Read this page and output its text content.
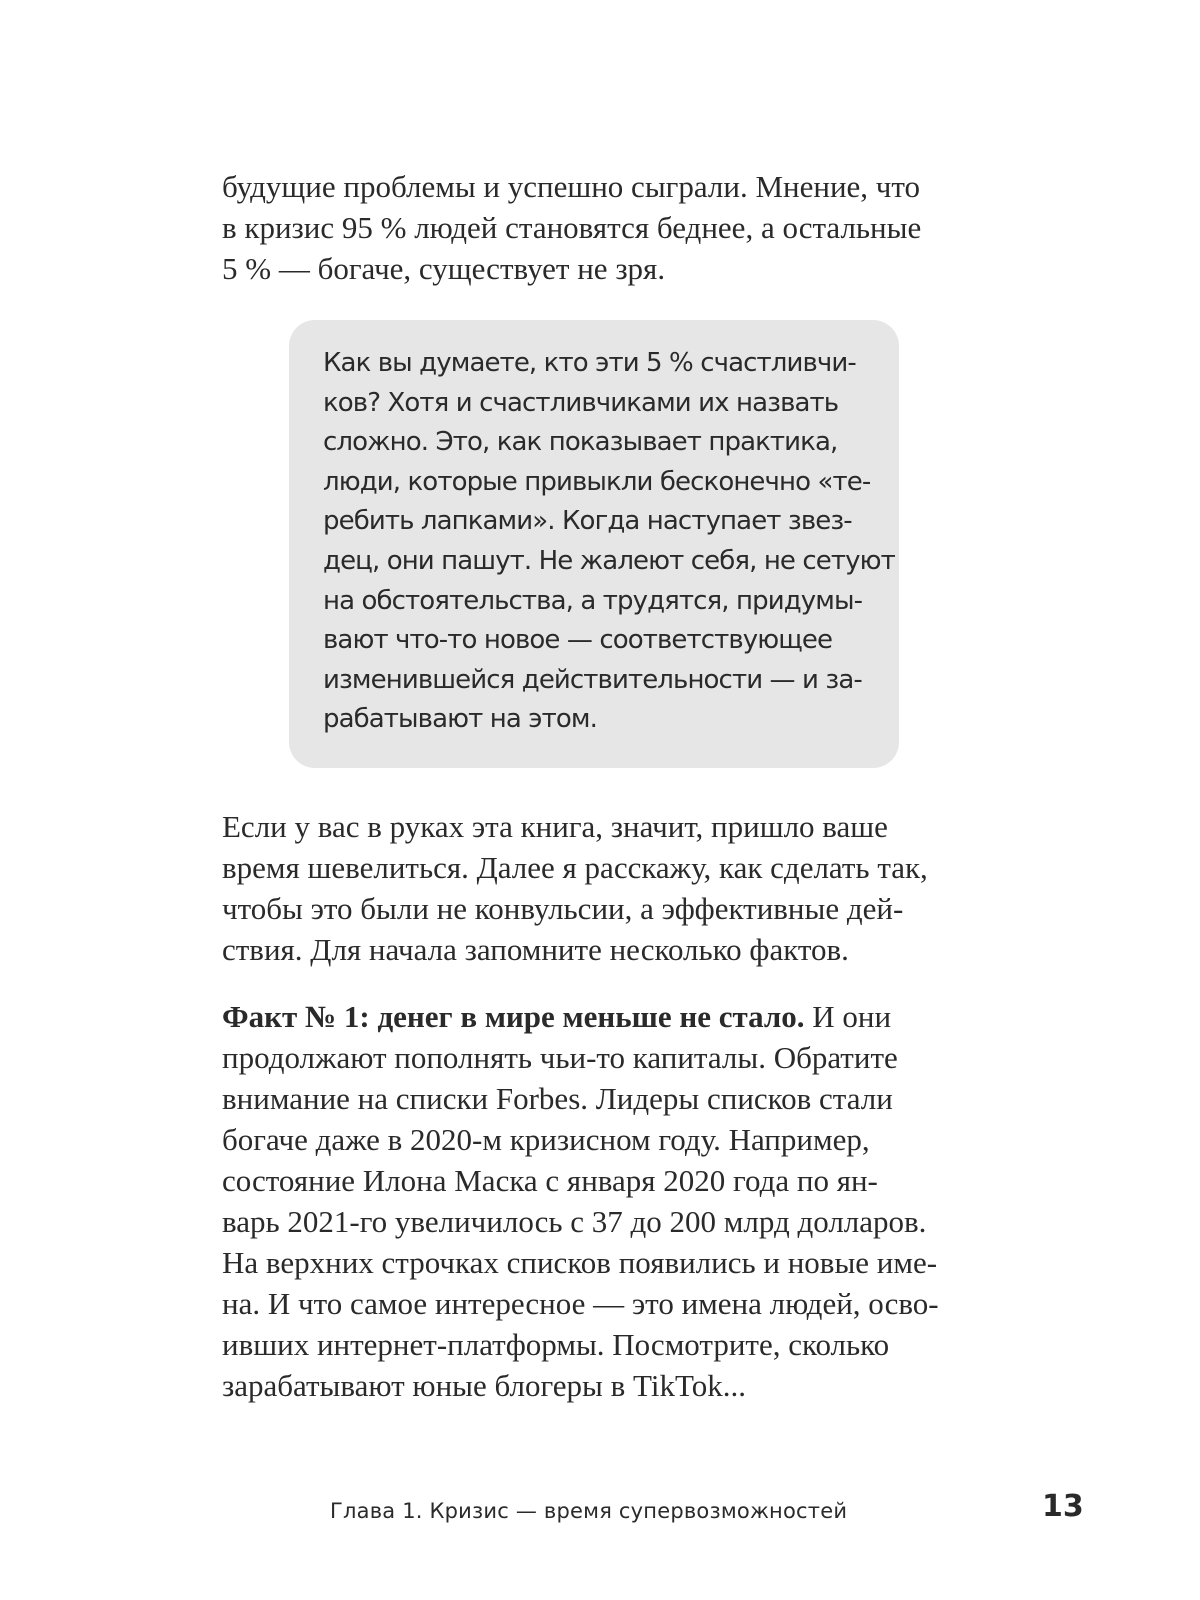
будущие проблемы и успешно сыграли. Мнение, что
в кризис 95 % людей становятся беднее, а остальные
5 % — богаче, существует не зря.

Как вы думаете, кто эти 5 % счастливчи-
ков? Хотя и счастливчиками их назвать
сложно. Это, как показывает практика,
люди, которые привыкли бесконечно «те-
ребить лапками». Когда наступает звез-
дец, они пашут. Не жалеют себя, не сетуют
на обстоятельства, а трудятся, придумы-
вают что-то новое — соответствующее
изменившейся действительности — и за-
рабатывают на этом.

Если у вас в руках эта книга, значит, пришло ваше
время шевелиться. Далее я расскажу, как сделать так,
чтобы это были не конвульсии, а эффективные дей-
ствия. Для начала запомните несколько фактов.

Факт № 1: денег в мире меньше не стало. И они
продолжают пополнять чьи-то капиталы. Обратите
внимание на списки Forbes. Лидеры списков стали
богаче даже в 2020-м кризисном году. Например,
состояние Илона Маска с января 2020 года по ян-
варь 2021-го увеличилось с 37 до 200 млрд долларов.
На верхних строчках списков появились и новые име-
на. И что самое интересное — это имена людей, осво-
ивших интернет-платформы. Посмотрите, сколько
зарабатывают юные блогеры в TikTok...

Глава 1. Кризис — время супервозможностей	13
